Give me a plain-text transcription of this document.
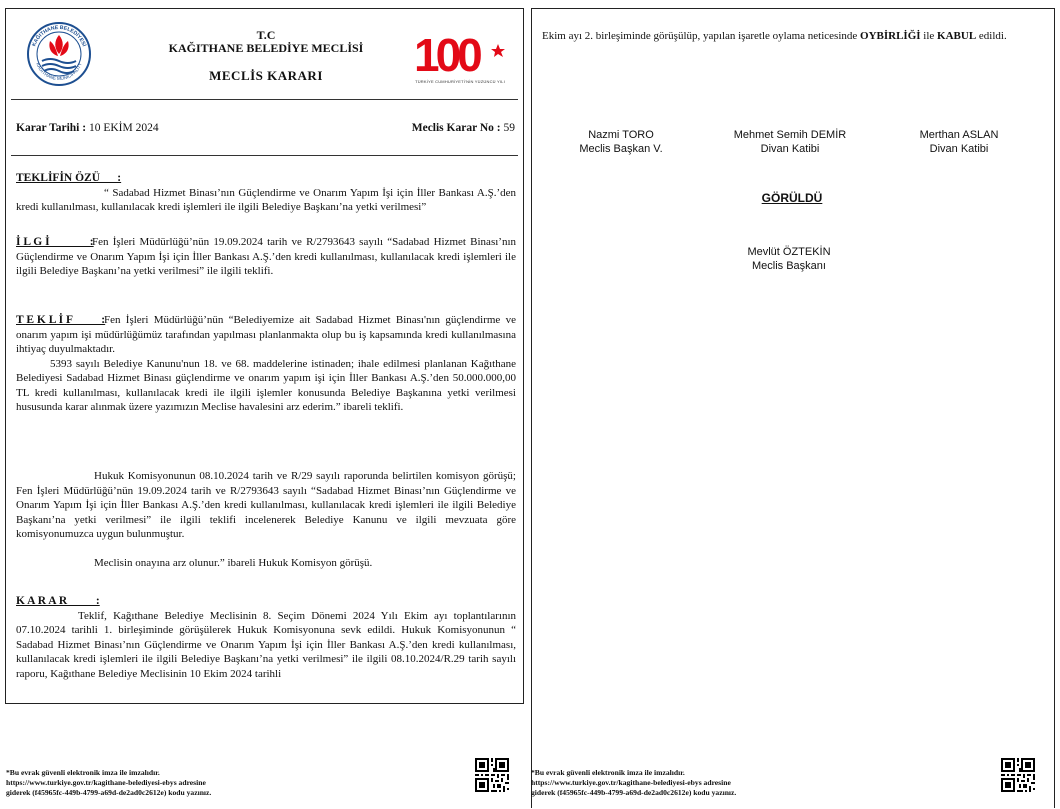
KAĞITHANE BELEDİYESİ
KAĞITHANE MUNICIPALITY
T.C
KAĞITHANE BELEDİYE MECLİSİ
MECLİS KARARI	100
TÜRKİYE CUMHURİYETİ'NİN YÜZÜNCÜ YILI
Karar Tarihi : 10 EKİM 2024	Meclis Karar No : 59
TEKLİFİN ÖZÜ      :

“ Sadabad Hizmet Binası’nın Güçlendirme ve Onarım Yapım İşi için İller Bankası A.Ş.’den kredi kullanılması, kullanılacak kredi işlemleri ile ilgili Belediye Başkanı’na yetki verilmesi”

İ L G İ              :

Fen İşleri Müdürlüğü’nün 19.09.2024 tarih ve R/2793643 sayılı “Sadabad Hizmet Binası’nın Güçlendirme ve Onarım Yapım İşi için İller Bankası A.Ş.’den kredi kullanılması, kullanılacak kredi işlemleri ile ilgili Belediye Başkanı’na yetki verilmesi” ile ilgili teklifi.

T E K L İ F          :

Fen İşleri Müdürlüğü’nün “Belediyemize ait Sadabad Hizmet Binası'nın güçlendirme ve onarım yapım işi müdürlüğümüz tarafından yapılması planlanmakta olup bu iş kapsamında kredi kullanılmasına ihtiyaç duyulmaktadır.

5393 sayılı Belediye Kanunu'nun 18. ve 68. maddelerine istinaden; ihale edilmesi planlanan Kağıthane Belediyesi Sadabad Hizmet Binası güçlendirme ve onarım yapım işi için İller Bankası A.Ş.’den 50.000.000,00 TL kredi kullanılması, kullanılacak kredi ile ilgili işlemler konusunda Belediye Başkanına yetki verilmesi hususunda karar alınmak üzere yazımızın Meclise havalesini arz ederim.” ibareli teklifi.

Hukuk Komisyonunun 08.10.2024 tarih ve R/29 sayılı raporunda belirtilen komisyon görüşü; Fen İşleri Müdürlüğü’nün 19.09.2024 tarih ve R/2793643 sayılı “Sadabad Hizmet Binası’nın Güçlendirme ve Onarım Yapım İşi için İller Bankası A.Ş.’den kredi kullanılması, kullanılacak kredi işlemleri ile ilgili Belediye Başkanı’na yetki verilmesi” ile ilgili teklifi incelenerek Belediye Kanunu ve ilgili mevzuata göre komisyonumuzca uygun bulunmuştur.

Meclisin onayına arz olunur.” ibareli Hukuk Komisyon görüşü.

K A R A R          :

Teklif, Kağıthane Belediye Meclisinin 8. Seçim Dönemi 2024 Yılı Ekim ayı toplantılarının 07.10.2024 tarihli 1. birleşiminde görüşülerek Hukuk Komisyonuna sevk edildi. Hukuk Komisyonunun “ Sadabad Hizmet Binası’nın Güçlendirme ve Onarım Yapım İşi için İller Bankası A.Ş.’den kredi kullanılması, kullanılacak kredi işlemleri ile ilgili Belediye Başkanı’na yetki verilmesi” ile ilgili 08.10.2024/R.29 tarih sayılı raporu, Kağıthane Belediye Meclisinin 10 Ekim 2024 tarihli

Ekim ayı 2. birleşiminde görüşülüp, yapılan işaretle oylama neticesinde OYBİRLİĞİ ile KABUL edildi.
Nazmi TORO
Meclis Başkan V.
Mehmet Semih DEMİR
Divan Katibi
Merthan ASLAN
Divan Katibi
GÖRÜLDÜ
Mevlüt ÖZTEKİN
Meclis Başkanı
*Bu evrak güvenli elektronik imza ile imzalıdır.
https://www.turkiye.gov.tr/kagithane-belediyesi-ebys adresine
giderek (f45965fc-449b-4799-a69d-de2ad0c2612e) kodu yazınız.
*Bu evrak güvenli elektronik imza ile imzalıdır.
https://www.turkiye.gov.tr/kagithane-belediyesi-ebys adresine
giderek (f45965fc-449b-4799-a69d-de2ad0c2612e) kodu yazınız.
